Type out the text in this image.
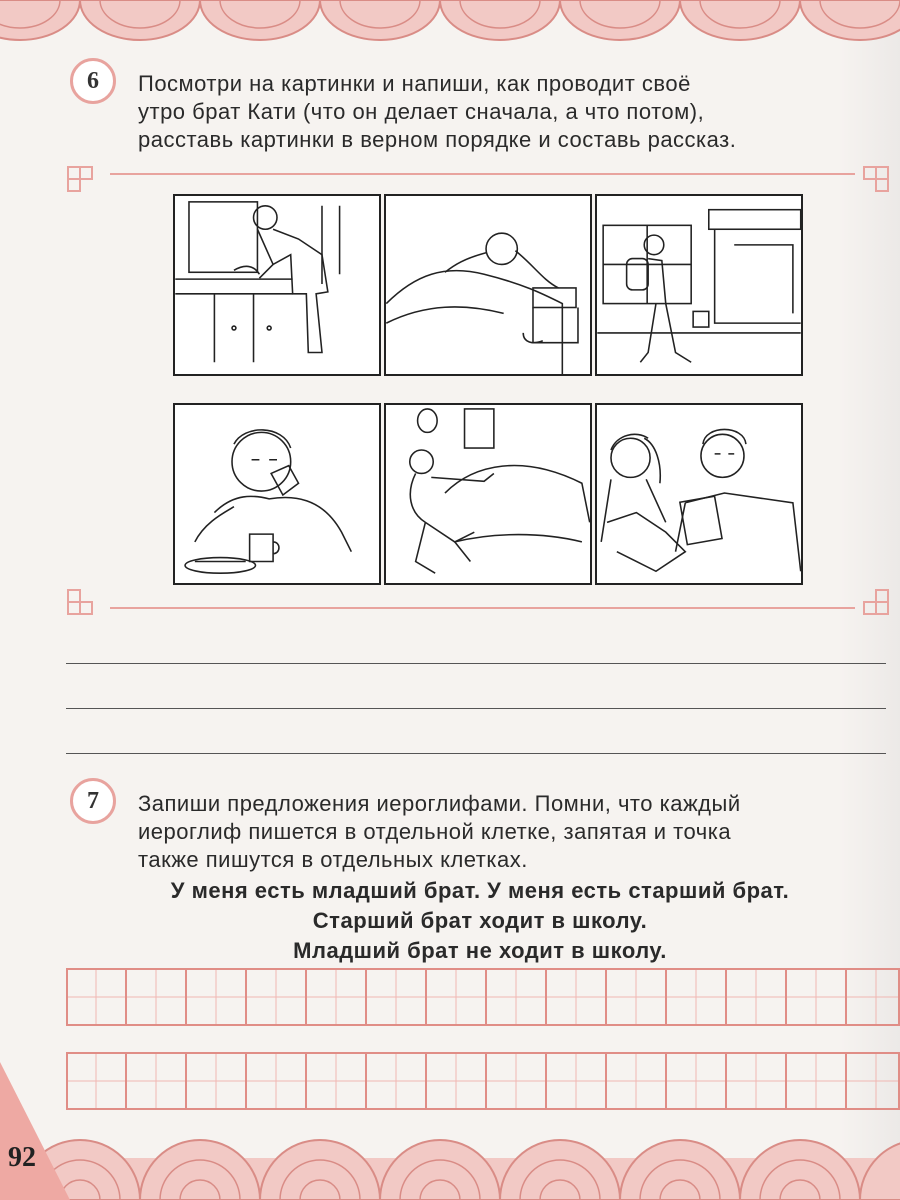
6	Посмотри на картинки и напиши, как проводит своё
утро брат Кати (что он делает сначала, а что потом),
расставь картинки в верном порядке и составь рассказ.
7	Запиши предложения иероглифами. Помни, что каждый
иероглиф пишется в отдельной клетке, запятая и точка
также пишутся в отдельных клетках.
У меня есть младший брат. У меня есть старший брат.
Старший брат ходит в школу.
Младший брат не ходит в школу.
92
